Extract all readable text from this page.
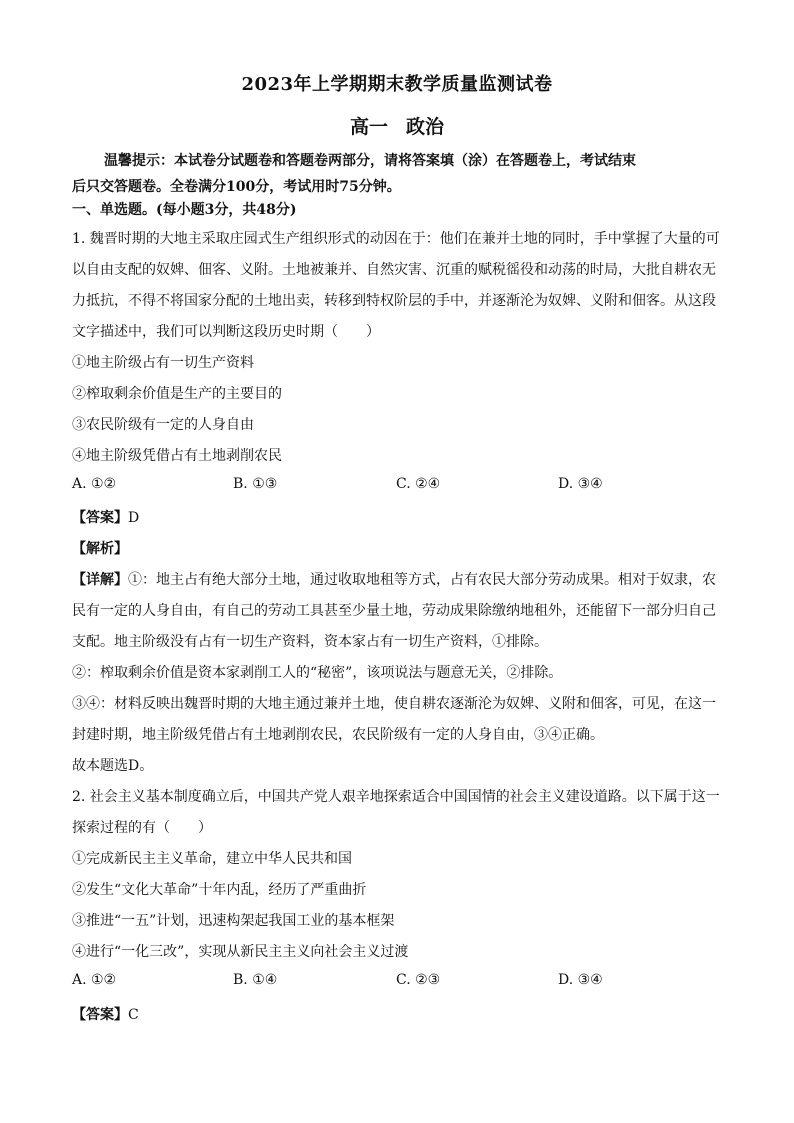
2023年上学期期末教学质量监测试卷
高一 政治
温馨提示：本试卷分试题卷和答题卷两部分，请将答案填（涂）在答题卷上，考试结束
后只交答题卷。全卷满分100分，考试用时75分钟。
一、单选题。(每小题3分，共48分)
1. 魏晋时期的大地主采取庄园式生产组织形式的动因在于：他们在兼并土地的同时，手中掌握了大量的可
以自由支配的奴婢、佃客、义附。土地被兼并、自然灾害、沉重的赋税徭役和动荡的时局，大批自耕农无
力抵抗，不得不将国家分配的土地出卖，转移到特权阶层的手中，并逐渐沦为奴婢、义附和佃客。从这段
文字描述中，我们可以判断这段历史时期（　　）
①地主阶级占有一切生产资料
②榨取剩余价值是生产的主要目的
③农民阶级有一定的人身自由
④地主阶级凭借占有土地剥削农民
A. ①②	B. ①③	C. ②④	D. ③④
【答案】D
【解析】
【详解】①：地主占有绝大部分土地，通过收取地租等方式，占有农民大部分劳动成果。相对于奴隶，农
民有一定的人身自由，有自己的劳动工具甚至少量土地，劳动成果除缴纳地租外，还能留下一部分归自己
支配。地主阶级没有占有一切生产资料，资本家占有一切生产资料，①排除。
②：榨取剩余价值是资本家剥削工人的“秘密”，该项说法与题意无关，②排除。
③④：材料反映出魏晋时期的大地主通过兼并土地，使自耕农逐渐沦为奴婢、义附和佃客，可见，在这一
封建时期，地主阶级凭借占有土地剥削农民，农民阶级有一定的人身自由，③④正确。
故本题选D。
2. 社会主义基本制度确立后，中国共产党人艰辛地探索适合中国国情的社会主义建设道路。以下属于这一
探索过程的有（　　）
①完成新民主主义革命，建立中华人民共和国
②发生“文化大革命”十年内乱，经历了严重曲折
③推进“一五”计划，迅速构架起我国工业的基本框架
④进行“一化三改”，实现从新民主主义向社会主义过渡
A. ①②	B. ①④	C. ②③	D. ③④
【答案】C
